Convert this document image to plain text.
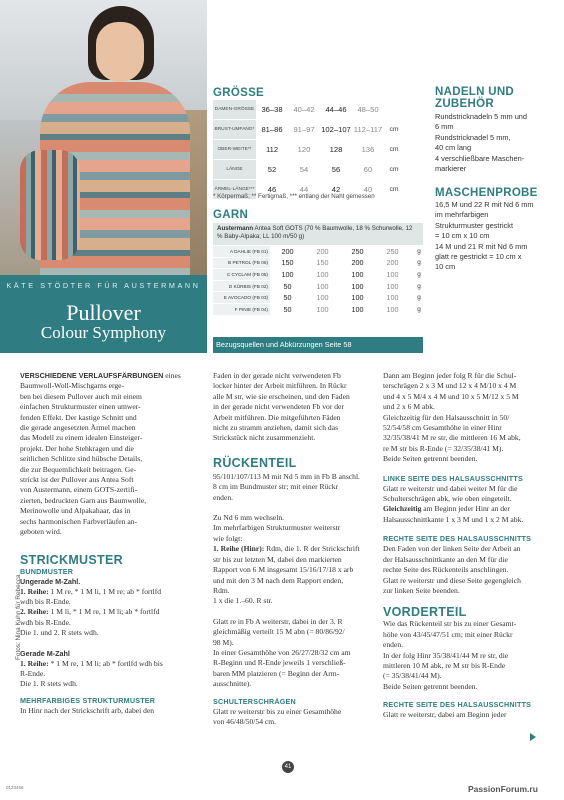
KÄTE STÖDTER FÜR AUSTERMANN
Pullover
Colour Symphony
GRÖSSE
DAMEN-GRÖSSE	36–38	40–42	44–46	48–50	
BRUST-UMFANG*	81–86	91–97	102–107	112–117	cm
OBER-WEITE**	112	120	128	136	cm
LÄNGE	52	54	56	60	cm
ÄRMEL-LÄNGE***	46	44	42	40	cm
* Körpermaß; ** Fertigmaß, *** entlang der Naht gemessen
GARN
Austermann Antea Soft GOTS (70 % Baumwolle, 18 % Schurwolle, 12 % Baby-Alpaka; LL 100 m/50 g)
A DAHLIE (FB 01)	200	200	250	250	g
B PETROL (FB 06)	150	150	200	200	g
C CYCLAM (FB 05)	100	100	100	100	g
D KÜRBIS (FB 02)	50	100	100	100	g
E AVOCADO (FB 03)	50	100	100	100	g
F PINIE (FB 04)	50	100	100	100	g
Bezugsquellen und Abkürzungen Seite 58
NADELN UND ZUBEHÖR
Rundstricknadeln 5 mm und
6 mm
Rundstricknadel 5 mm,
40 cm lang
4 verschließbare Maschen-
markierer
MASCHENPROBE
16,5 M und 22 R mit Nd 6 mm
im mehrfarbigen
Strukturmuster gestrickt
= 10 cm x 10 cm
14 M und 21 R mit Nd 6 mm
glatt re gestrickt = 10 cm x
10 cm

VERSCHIEDENE VERLAUFSFÄRBUNGEN eines Baumwoll-Woll-Mischgarns erge-
ben bei diesem Pullover auch mit einem
einfachen Strukturmuster einen umwer-
fenden Effekt. Der kastige Schnitt und
die gerade angesetzten Ärmel machen
das Modell zu einem idealen Einsteiger-
projekt. Der hohe Stehkragen und die
seitlichen Schlitze sind hübsche Details,
die zur Bequemlichkeit beitragen. Ge-
strickt ist der Pullover aus Antea Soft
von Austermann, einem GOTS-zertifi-
zierten, bedruckten Garn aus Baumwolle,
Merinowolle und Alpakahaar, das in
sechs harmonischen Farbverläufen an-
geboten wird.

STRICKMUSTER
BUNDMUSTER
Ungerade M-Zahl.

1. Reihe: 1 M re, * 1 M li, 1 M re; ab * fortlfd
wdh bis R-Ende.

2. Reihe: 1 M li, * 1 M re, 1 M li; ab * fortlfd
wdh bis R-Ende.

Die 1. und 2. R stets wdh.

Gerade M-Zahl

1. Reihe: * 1 M re, 1 M li; ab * fortlfd wdh bis
R-Ende.

Die 1. R stets wdh.

MEHRFARBIGES STRUKTURMUSTER

In Hinr nach der Strickschrift arb, dabei den

Faden in der gerade nicht verwendeten Fb
locker hinter der Arbeit mitführen. In Rückr
alle M str, wie sie erscheinen, und den Faden
in der gerade nicht verwendeten Fb vor der
Arbeit mitführen. Die mitgeführten Fäden
nicht zu stramm anziehen, damit sich das
Strickstück nicht zusammenzieht.

RÜCKENTEIL

95/101/107/113 M mit Nd 5 mm in Fb B anschl.
8 cm im Bundmuster str; mit einer Rückr
enden.

Zu Nd 6 mm wechseln.
Im mehrfarbigen Strukturmuster weiterstr
wie folgt:

1. Reihe (Hinr): Rdm, die 1. R der Strickschrift
str bis zur letzten M, dabei den markierten
Rapport von 6 M insgesamt 15/16/17/18 x arb
und mit den 3 M nach dem Rapport enden,
Rdm.
1 x die 1.–60. R str.

Glatt re in Fb A weiterstr, dabei in der 3. R
gleichmäßig verteilt 15 M abn (= 80/86/92/
98 M).
In einer Gesamthöhe von 26/27/28/32 cm am
R-Beginn und R-Ende jeweils 1 verschließ-
baren MM platzieren (= Beginn der Arm-
ausschnitte).

SCHULTERSCHRÄGEN

Glatt re weiterstr bis zu einer Gesamthöhe
von 46/48/50/54 cm.

Dann am Beginn jeder folg R für die Schul-
terschrägen 2 x 3 M und 12 x 4 M/10 x 4 M
und 4 x 5 M/4 x 4 M und 10 x 5 M/12 x 5 M
und 2 x 6 M abk.
Gleichzeitig für den Halsausschnitt in 50/
52/54/58 cm Gesamthöhe in einer Hinr
32/35/38/41 M re str, die mittleren 16 M abk,
re M str bis R-Ende (= 32/35/38/41 M).
Beide Seiten getrennt beenden.

LINKE SEITE DES HALSAUSSCHNITTS

Glatt re weiterstr und dabei weiter M für die
Schulterschrägen abk, wie oben eingeteilt.

Gleichzeitig am Beginn jeder Hinr an der
Halsausschnittkante 1 x 3 M und 1 x 2 M abk.

RECHTE SEITE DES HALSAUSSCHNITTS

Den Faden von der linken Seite der Arbeit an
der Halsausschnittkante an den M für die
rechte Seite des Rückenteils anschlingen.
Glatt re weiterstr und diese Seite gegengleich
zur linken Seite beenden.

VORDERTEIL

Wie das Rückenteil str bis zu einer Gesamt-
höhe von 43/45/47/51 cm; mit einer Rückr
enden.
In der folg Hinr 35/38/41/44 M re str, die
mittleren 10 M abk, re M str bis R-Ende
(= 35/38/41/44 M).
Beide Seiten getrennt beenden.

RECHTE SEITE DES HALSAUSSCHNITTS

Glatt re weiterstr, dabei am Beginn jeder

Fotos: Nina Kuhn für Rebecca
41
0123456	PassionForum.ru
